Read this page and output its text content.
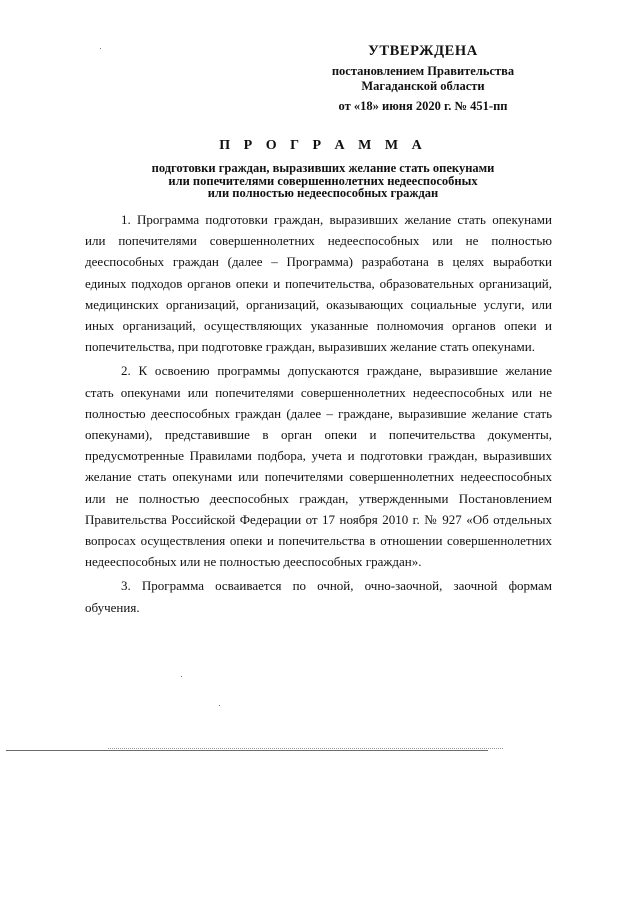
УТВЕРЖДЕНА
постановлением Правительства
Магаданской области
от «18» июня 2020 г. № 451-пп
П Р О Г Р А М М А
подготовки граждан, выразивших желание стать опекунами
или попечителями совершеннолетних недееспособных
или полностью недееспособных граждан

1. Программа подготовки граждан, выразивших желание стать опекунами или попечителями совершеннолетних недееспособных или не полностью дееспособных граждан (далее – Программа) разработана в целях выработки единых подходов органов опеки и попечительства, образовательных организаций, медицинских организаций, организаций, оказывающих социальные услуги, или иных организаций, осуществляющих указанные полномочия органов опеки и попечительства, при подготовке граждан, выразивших желание стать опекунами.

2. К освоению программы допускаются граждане, выразившие желание стать опекунами или попечителями совершеннолетних недееспособных или не полностью дееспособных граждан (далее – граждане, выразившие желание стать опекунами), представившие в орган опеки и попечительства документы, предусмотренные Правилами подбора, учета и подготовки граждан, выразивших желание стать опекунами или попечителями совершеннолетних недееспособных или не полностью дееспособных граждан, утвержденными Постановлением Правительства Российской Федерации от 17 ноября 2010 г. № 927 «Об отдельных вопросах осуществления опеки и попечительства в отношении совершеннолетних недееспособных или не полностью дееспособных граждан».

3. Программа осваивается по очной, очно-заочной, заочной формам обучения.
